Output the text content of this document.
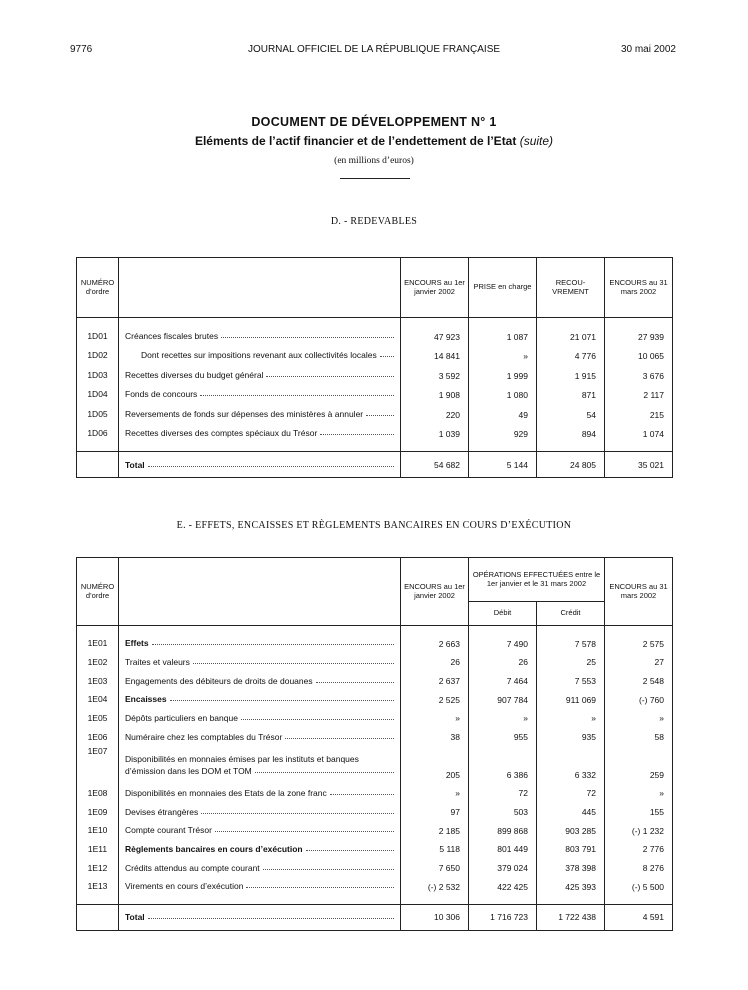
9776	JOURNAL OFFICIEL DE LA RÉPUBLIQUE FRANÇAISE	30 mai 2002
DOCUMENT DE DÉVELOPPEMENT N° 1
Eléments de l’actif financier et de l’endettement de l’Etat (suite)
(en millions d’euros)
D. - REDEVABLES
NUMÉRO d’ordre		ENCOURS au 1er janvier 2002	PRISE en charge	RECOU- VREMENT	ENCOURS au 31 mars 2002

1D01	Créances fiscales brutes	47 923	1 087	21 071	27 939
1D02	Dont recettes sur impositions revenant aux collectivités locales	14 841	»	4 776	10 065
1D03	Recettes diverses du budget général	3 592	1 999	1 915	3 676
1D04	Fonds de concours	1 908	1 080	871	2 117
1D05	Reversements de fonds sur dépenses des ministères à annuler	220	49	54	215
1D06	Recettes diverses des comptes spéciaux du Trésor	1 039	929	894	1 074

	Total	54 682	5 144	24 805	35 021
E. - EFFETS, ENCAISSES ET RÈGLEMENTS BANCAIRES EN COURS D’EXÉCUTION
NUMÉRO d’ordre		ENCOURS au 1er janvier 2002	OPÉRATIONS EFFECTUÉES entre le 1er janvier et le 31 mars 2002		ENCOURS au 31 mars 2002
			Débit	Crédit	

1E01	Effets	2 663	7 490	7 578	2 575
1E02	Traites et valeurs	26	26	25	27
1E03	Engagements des débiteurs de droits de douanes	2 637	7 464	7 553	2 548
1E04	Encaisses	2 525	907 784	911 069	(-) 760
1E05	Dépôts particuliers en banque	»	»	»	»
1E06	Numéraire chez les comptables du Trésor	38	955	935	58
1E07	Disponibilités en monnaies émises par les instituts et banques
d’émission dans les DOM et TOM	205	6 386	6 332	259
1E08	Disponibilités en monnaies des Etats de la zone franc	»	72	72	»
1E09	Devises étrangères	97	503	445	155
1E10	Compte courant Trésor	2 185	899 868	903 285	(-) 1 232
1E11	Règlements bancaires en cours d’exécution	5 118	801 449	803 791	2 776
1E12	Crédits attendus au compte courant	7 650	379 024	378 398	8 276
1E13	Virements en cours d’exécution	(-) 2 532	422 425	425 393	(-) 5 500

	Total	10 306	1 716 723	1 722 438	4 591
